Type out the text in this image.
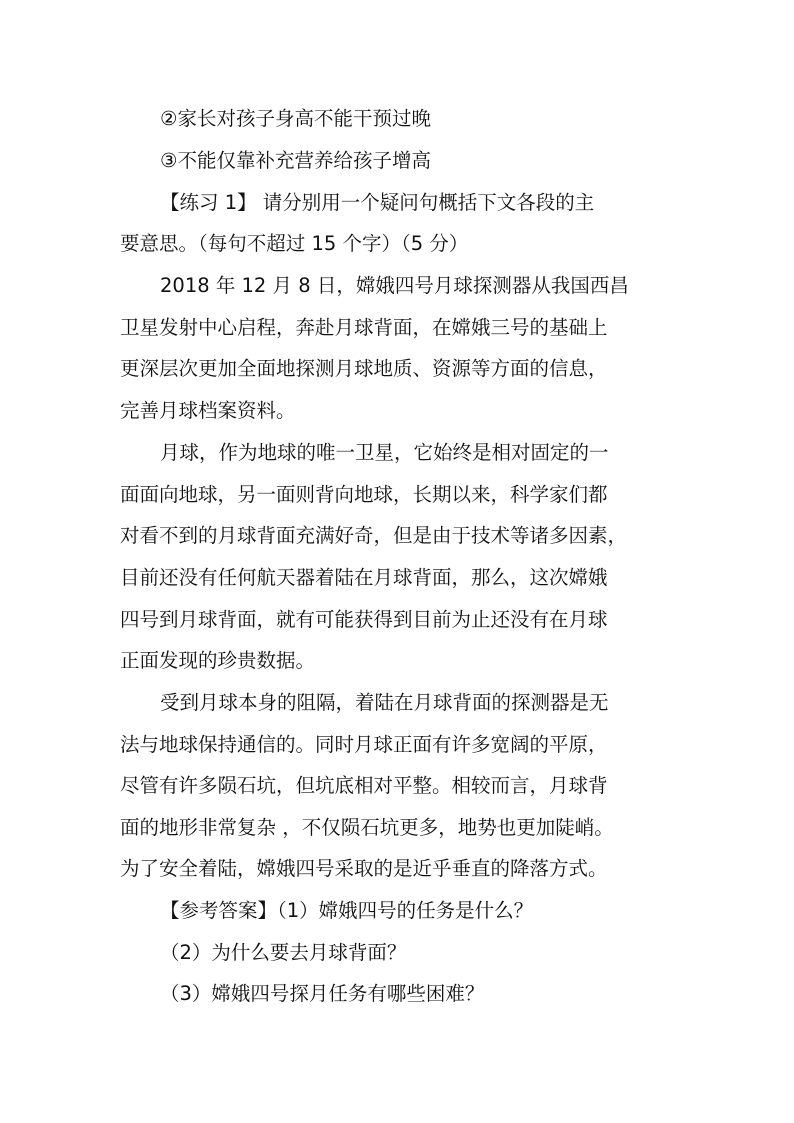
②家长对孩子身高不能干预过晚
③不能仅靠补充营养给孩子增高
【练习 1】 请分别用一个疑问句概括下文各段的主
要意思。（每句不超过 15 个字）（5 分）
2018 年 12 月 8 日，嫦娥四号月球探测器从我国西昌
卫星发射中心启程，奔赴月球背面，在嫦娥三号的基础上
更深层次更加全面地探测月球地质、资源等方面的信息，
完善月球档案资料。
月球，作为地球的唯一卫星，它始终是相对固定的一
面面向地球，另一面则背向地球，长期以来，科学家们都
对看不到的月球背面充满好奇，但是由于技术等诸多因素，
目前还没有任何航天器着陆在月球背面，那么，这次嫦娥
四号到月球背面，就有可能获得到目前为止还没有在月球
正面发现的珍贵数据。
受到月球本身的阻隔，着陆在月球背面的探测器是无
法与地球保持通信的。同时月球正面有许多宽阔的平原，
尽管有许多陨石坑，但坑底相对平整。相较而言，月球背
面的地形非常复杂 ，不仅陨石坑更多，地势也更加陡峭。
为了安全着陆，嫦娥四号采取的是近乎垂直的降落方式。
【参考答案】（1）嫦娥四号的任务是什么？
（2）为什么要去月球背面？
（3）嫦娥四号探月任务有哪些困难？
